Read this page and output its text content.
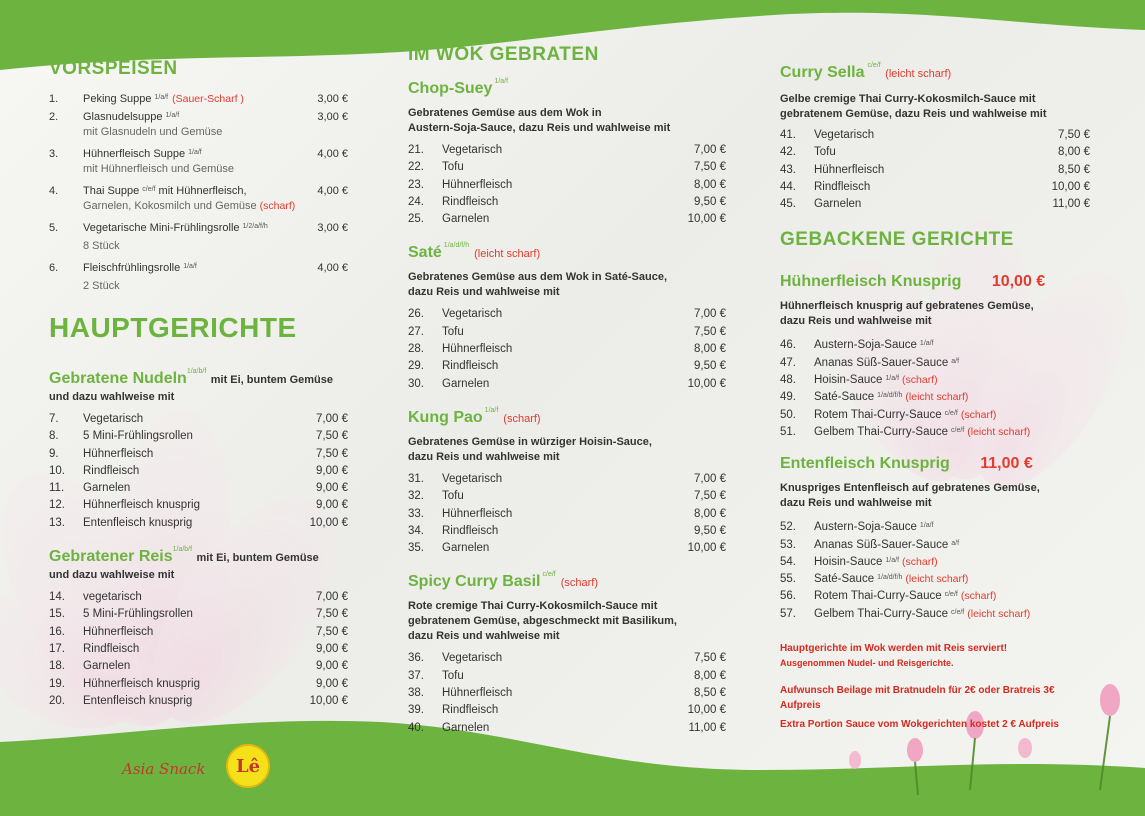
VORSPEISEN
1. Peking Suppe $^{1/a/f}$ (Sauer-Scharf )	3,00 €
2. Glasnudelsuppe $^{1/a/f}$
mit Glasnudeln und Gemüse
3,00 €
3. Hühnerfleisch Suppe $^{1/a/f}$
mit Hühnerfleisch und Gemüse
4,00 €
4. Thai Suppe $^{c/e/f}$ mit Hühnerfleisch,
Garnelen, Kokosmilch und Gemüse (scharf)
4,00 €
5. Vegetarische Mini-Frühlingsrolle $^{1/2/a/f/h}$
8 Stück
3,00 €
6. Fleischfrühlingsrolle $^{1/a/f}$
2 Stück
4,00 €
HAUPTGERICHTE
Gebratene Nudeln$^{1/a/b/f}$ mit Ei, buntem Gemüse
und dazu wahlweise mit
7. Vegetarisch	7,00 €
8. 5 Mini-Frühlingsrollen	7,50 €
9. Hühnerfleisch	7,50 €
10. Rindfleisch	9,00 €
11. Garnelen	9,00 €
12. Hühnerfleisch knusprig	9,00 €
13. Entenfleisch knusprig	10,00 €
Gebratener Reis$^{1/a/b/f}$ mit Ei, buntem Gemüse
und dazu wahlweise mit
14. vegetarisch	7,00 €
15. 5 Mini-Frühlingsrollen	7,50 €
16. Hühnerfleisch	7,50 €
17. Rindfleisch	9,00 €
18. Garnelen	9,00 €
19. Hühnerfleisch knusprig	9,00 €
20. Entenfleisch knusprig	10,00 €
IM WOK GEBRATEN
Chop-Suey $^{1/a/f}$
Gebratenes Gemüse aus dem Wok in
Austern-Soja-Sauce, dazu Reis und wahlweise mit
21. Vegetarisch	7,00 €
22. Tofu	7,50 €
23. Hühnerfleisch	8,00 €
24. Rindfleisch	9,50 €
25. Garnelen	10,00 €
Saté $^{1/a/d/f/h}$(leicht scharf)
Gebratenes Gemüse aus dem Wok in Saté-Sauce,
dazu Reis und wahlweise mit
26. Vegetarisch	7,00 €
27. Tofu	7,50 €
28. Hühnerfleisch	8,00 €
29. Rindfleisch	9,50 €
30. Garnelen	10,00 €
Kung Pao $^{1/a/f}$(scharf)
Gebratenes Gemüse in würziger Hoisin-Sauce,
dazu Reis und wahlweise mit
31. Vegetarisch	7,00 €
32. Tofu	7,50 €
33. Hühnerfleisch	8,00 €
34. Rindfleisch	9,50 €
35. Garnelen	10,00 €
Spicy Curry Basil $^{c/e/f}$(scharf)
Rote cremige Thai Curry-Kokosmilch-Sauce mit
gebratenem Gemüse, abgeschmeckt mit Basilikum,
dazu Reis und wahlweise mit
36. Vegetarisch	7,50 €
37. Tofu	8,00 €
38. Hühnerfleisch	8,50 €
39. Rindfleisch	10,00 €
40. Garnelen	11,00 €
Curry Sella $^{c/e/f}$ (leicht scharf)
Gelbe cremige Thai Curry-Kokosmilch-Sauce mit
gebratenem Gemüse, dazu Reis und wahlweise mit
41. Vegetarisch	7,50 €
42. Tofu	8,00 €
43. Hühnerfleisch	8,50 €
44. Rindfleisch	10,00 €
45. Garnelen	11,00 €
GEBACKENE GERICHTE
Hühnerfleisch Knusprig 10,00 €
Hühnerfleisch knusprig auf gebratenes Gemüse,
dazu Reis und wahlweise mit
46. Austern-Soja-Sauce $^{1/a/f}$
47. Ananas Süß-Sauer-Sauce $^{a/f}$
48. Hoisin-Sauce $^{1/a/f}$ (scharf)
49. Saté-Sauce $^{1/a/d/f/h}$ (leicht scharf)
50. Rotem Thai-Curry-Sauce $^{c/e/f}$ (scharf)
51. Gelbem Thai-Curry-Sauce $^{c/e/f}$ (leicht scharf)
Entenfleisch Knusprig 11,00 €
Knuspriges Entenfleisch auf gebratenes Gemüse,
dazu Reis und wahlweise mit
52. Austern-Soja-Sauce $^{1/a/f}$
53. Ananas Süß-Sauer-Sauce $^{a/f}$
54. Hoisin-Sauce $^{1/a/f}$ (scharf)
55. Saté-Sauce $^{1/a/d/f/h}$ (leicht scharf)
56. Rotem Thai-Curry-Sauce $^{c/e/f}$ (scharf)
57. Gelbem Thai-Curry-Sauce $^{c/e/f}$ (leicht scharf)
Hauptgerichte im Wok werden mit Reis serviert!
Ausgenommen Nudel- und Reisgerichte.
Aufwunsch Beilage mit Bratnudeln für 2€ oder Bratreis 3€ Aufpreis
Extra Portion Sauce vom Wokgerichten kostet 2 € Aufpreis
Asia Snack Lê
